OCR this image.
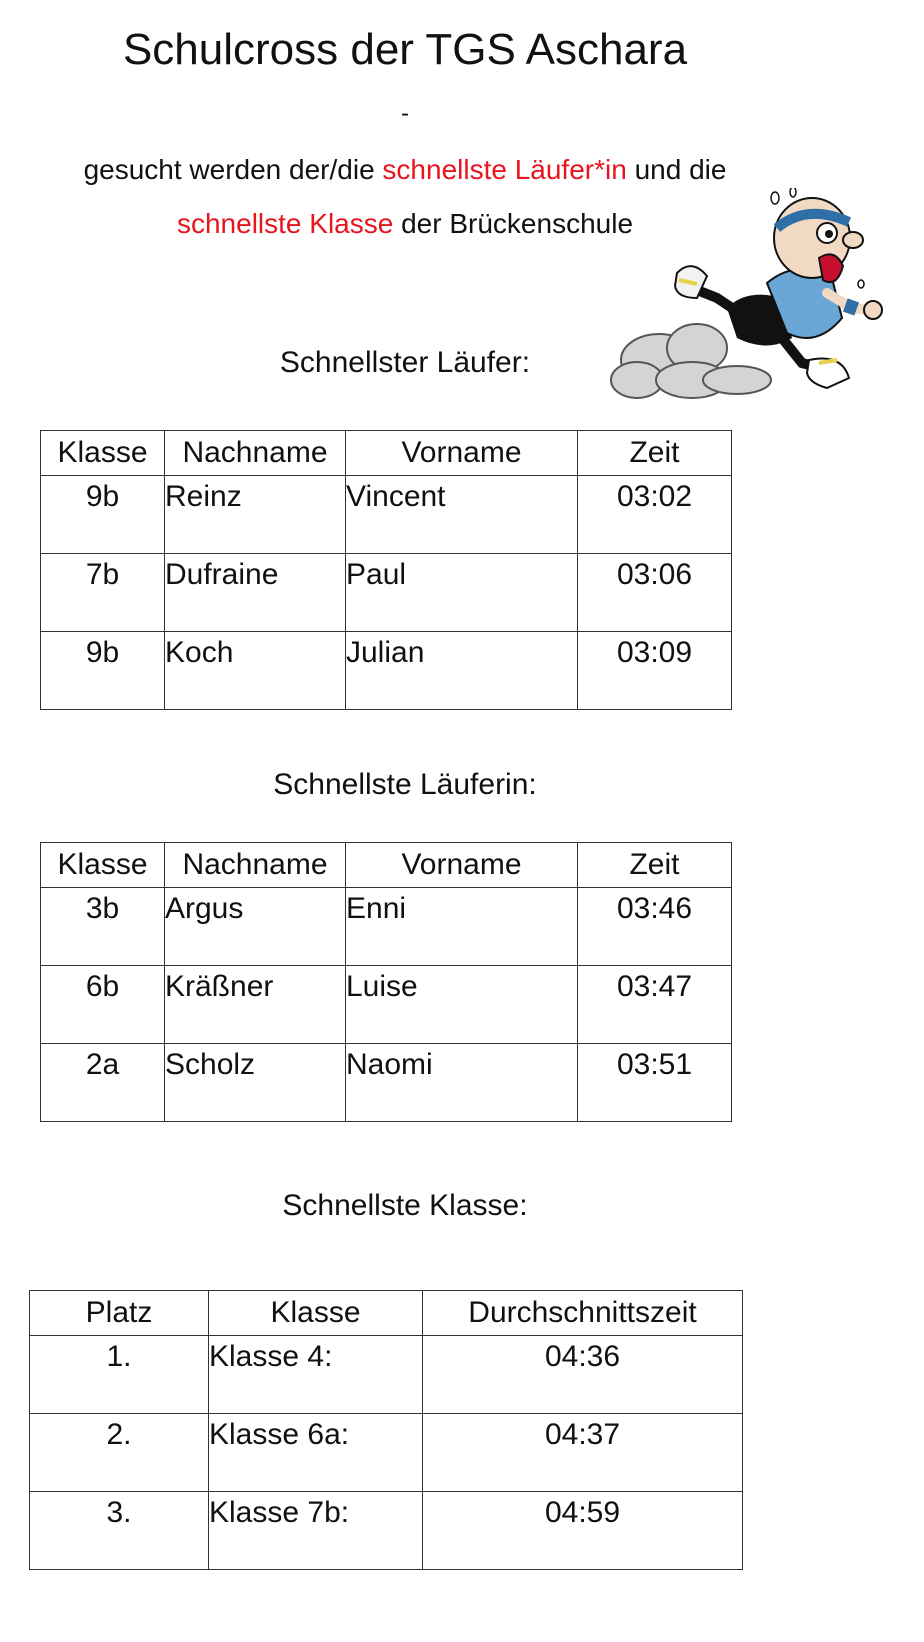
Schulcross der TGS Aschara
-
gesucht werden der/die schnellste Läufer*in und die
schnellste Klasse der Brückenschule
Schnellster Läufer:
Klasse	Nachname	Vorname	Zeit
9b	Reinz	Vincent	03:02
7b	Dufraine	Paul	03:06
9b	Koch	Julian	03:09
Schnellste Läuferin:
Klasse	Nachname	Vorname	Zeit
3b	Argus	Enni	03:46
6b	Kräßner	Luise	03:47
2a	Scholz	Naomi	03:51
Schnellste Klasse:
Platz	Klasse	Durchschnittszeit
1.	Klasse 4:	04:36
2.	Klasse 6a:	04:37
3.	Klasse 7b:	04:59
